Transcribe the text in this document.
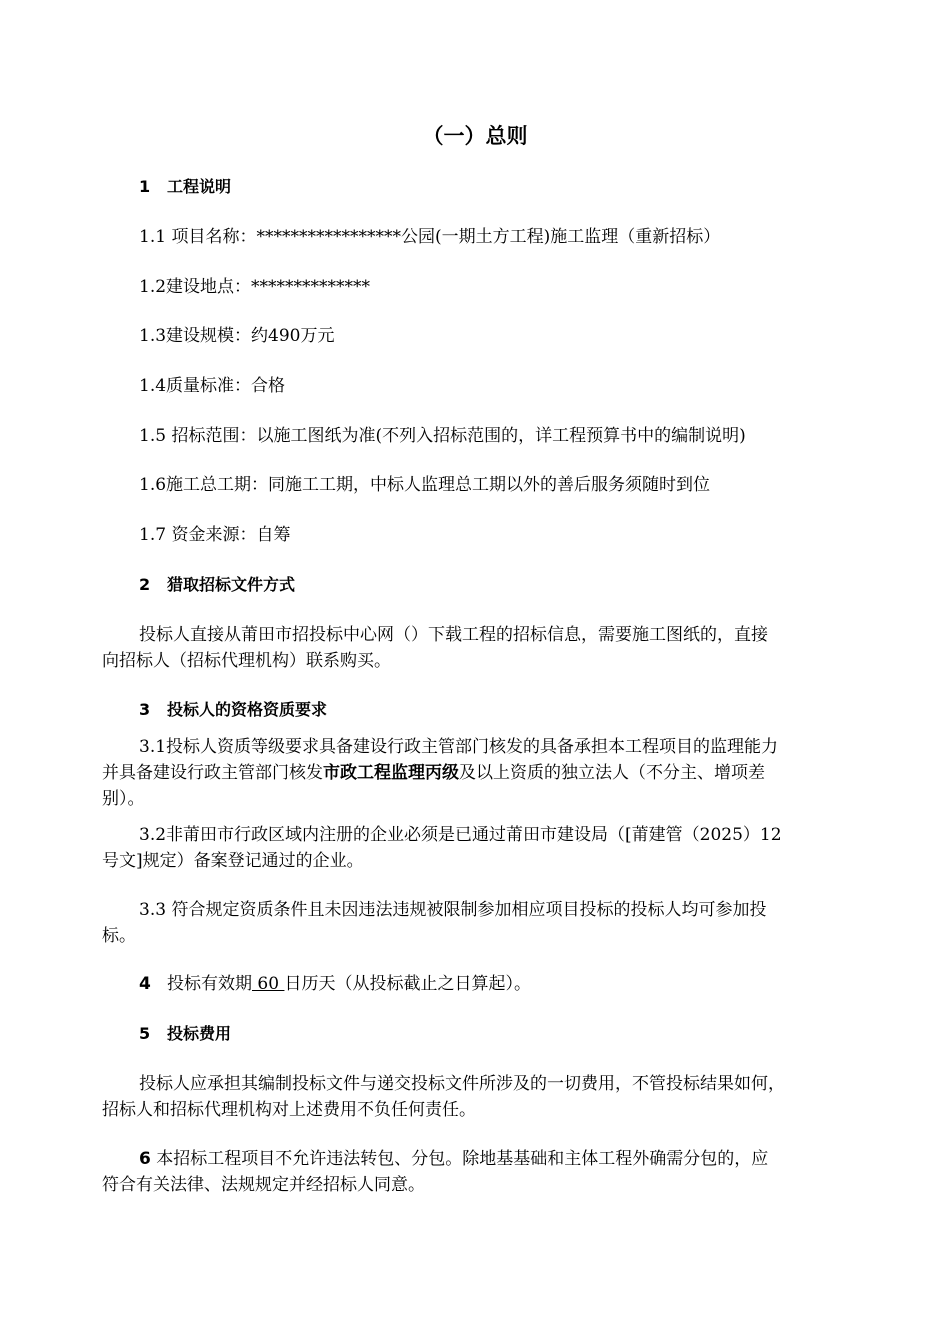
（一）总则
1 工程说明
1.1 项目名称：*****************公园(一期土方工程)施工监理（重新招标）
1.2建设地点：**************
1.3建设规模：约490万元
1.4质量标准：合格
1.5 招标范围：以施工图纸为准(不列入招标范围的，详工程预算书中的编制说明)
1.6施工总工期：同施工工期，中标人监理总工期以外的善后服务须随时到位
1.7 资金来源：自筹
2 猎取招标文件方式
投标人直接从莆田市招投标中心网（）下载工程的招标信息，需要施工图纸的，直接
向招标人（招标代理机构）联系购买。
3 投标人的资格资质要求
3.1投标人资质等级要求具备建设行政主管部门核发的具备承担本工程项目的监理能力
并具备建设行政主管部门核发市政工程监理丙级及以上资质的独立法人（不分主、增项差
别）。
3.2非莆田市行政区域内注册的企业必须是已通过莆田市建设局（[莆建管（2025）12
号文]规定）备案登记通过的企业。
3.3 符合规定资质条件且未因违法违规被限制参加相应项目投标的投标人均可参加投
标。
4 投标有效期 60 日历天（从投标截止之日算起）。
5 投标费用
投标人应承担其编制投标文件与递交投标文件所涉及的一切费用，不管投标结果如何，
招标人和招标代理机构对上述费用不负任何责任。
6 本招标工程项目不允许违法转包、分包。除地基基础和主体工程外确需分包的，应
符合有关法律、法规规定并经招标人同意。
